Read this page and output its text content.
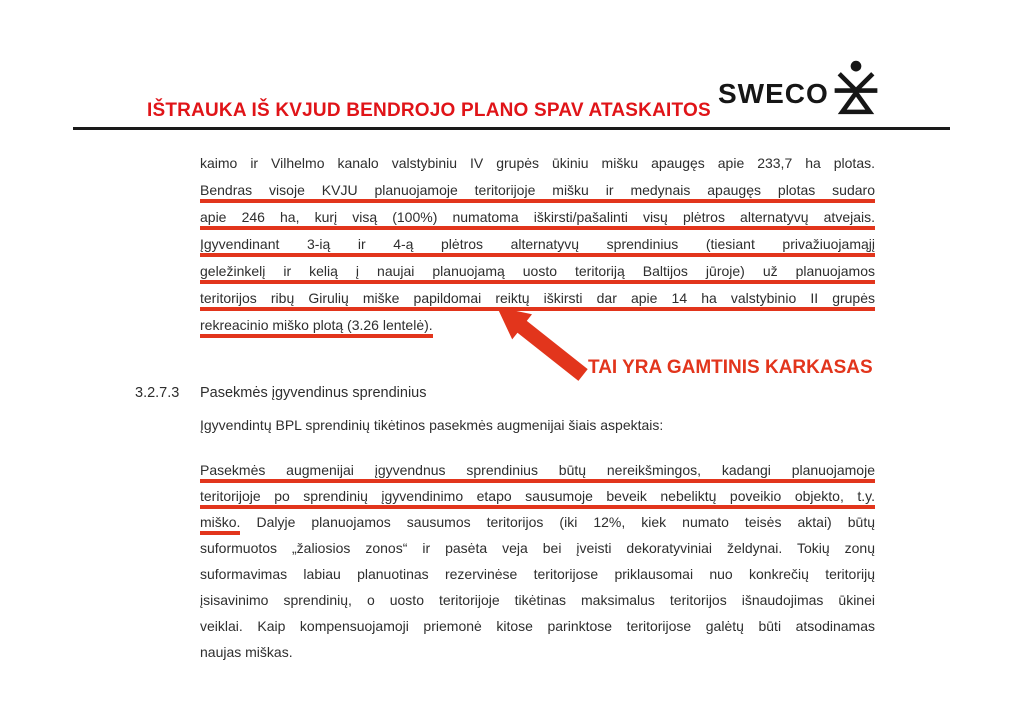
IŠTRAUKA IŠ KVJUD BENDROJO PLANO SPAV ATASKAITOS
SWECO
kaimo ir Vilhelmo kanalo valstybiniu IV grupės ūkiniu mišku apaugęs apie 233,7 ha plotas.
Bendras visoje KVJU planuojamoje teritorijoje mišku ir medynais apaugęs plotas sudaro
apie 246 ha, kurį visą (100%) numatoma iškirsti/pašalinti visų plėtros alternatyvų atvejais.
Įgyvendinant 3-ią ir 4-ą plėtros alternatyvų sprendinius (tiesiant privažiuojamąjį
geležinkelį ir kelią į naujai planuojamą uosto teritoriją Baltijos jūroje) už planuojamos
teritorijos ribų Girulių miške papildomai reiktų iškirsti dar apie 14 ha valstybinio II grupės
rekreacinio miško plotą (3.26 lentelė).
TAI YRA GAMTINIS KARKASAS
3.2.7.3 Pasekmės įgyvendinus sprendinius
Įgyvendintų BPL sprendinių tikėtinos pasekmės augmenijai šiais aspektais:
Pasekmės augmenijai įgyvendnus sprendinius būtų nereikšmingos, kadangi planuojamoje
teritorijoje po sprendinių įgyvendinimo etapo sausumoje beveik nebeliktų poveikio objekto, t.y.
miško. Dalyje planuojamos sausumos teritorijos (iki 12%, kiek numato teisės aktai) būtų
suformuotos „žaliosios zonos“ ir pasėta veja bei įveisti dekoratyviniai želdynai. Tokių zonų
suformavimas labiau planuotinas rezervinėse teritorijose priklausomai nuo konkrečių teritorijų
įsisavinimo sprendinių, o uosto teritorijoje tikėtinas maksimalus teritorijos išnaudojimas ūkinei
veiklai. Kaip kompensuojamoji priemonė kitose parinktose teritorijose galėtų būti atsodinamas
naujas miškas.
